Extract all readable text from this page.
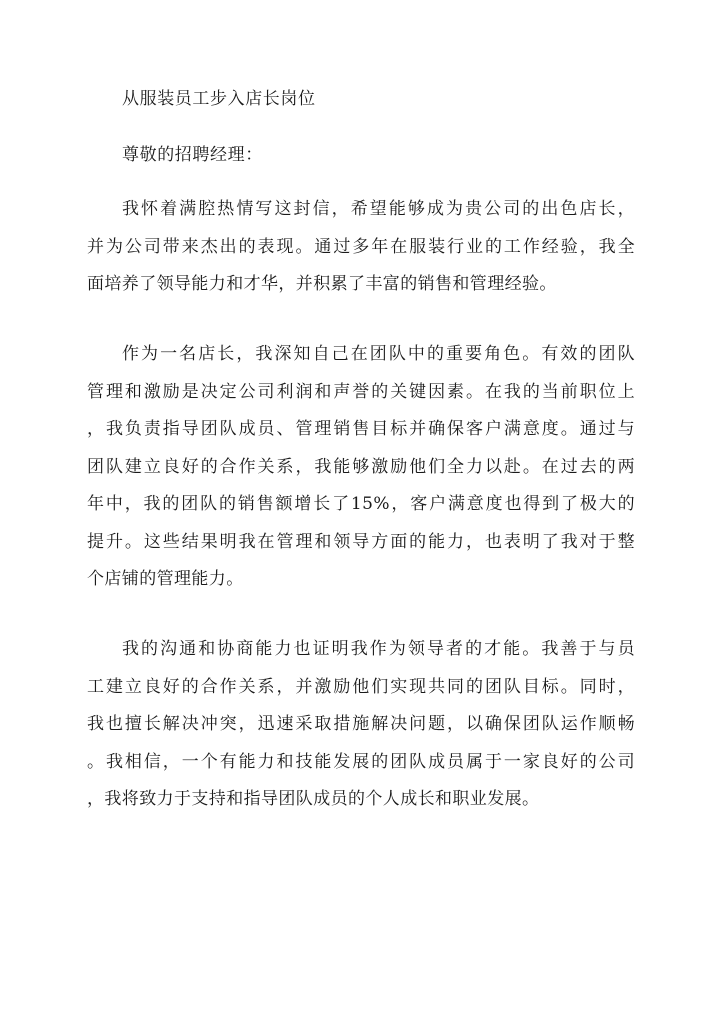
从服装员工步入店长岗位
尊敬的招聘经理：
我怀着满腔热情写这封信，希望能够成为贵公司的出色店长，
并为公司带来杰出的表现。通过多年在服装行业的工作经验，我全
面培养了领导能力和才华，并积累了丰富的销售和管理经验。
作为一名店长，我深知自己在团队中的重要角色。有效的团队
管理和激励是决定公司利润和声誉的关键因素。在我的当前职位上
，我负责指导团队成员、管理销售目标并确保客户满意度。通过与
团队建立良好的合作关系，我能够激励他们全力以赴。在过去的两
年中，我的团队的销售额增长了15%，客户满意度也得到了极大的
提升。这些结果明我在管理和领导方面的能力，也表明了我对于整
个店铺的管理能力。
我的沟通和协商能力也证明我作为领导者的才能。我善于与员
工建立良好的合作关系，并激励他们实现共同的团队目标。同时，
我也擅长解决冲突，迅速采取措施解决问题，以确保团队运作顺畅
。我相信，一个有能力和技能发展的团队成员属于一家良好的公司
，我将致力于支持和指导团队成员的个人成长和职业发展。
